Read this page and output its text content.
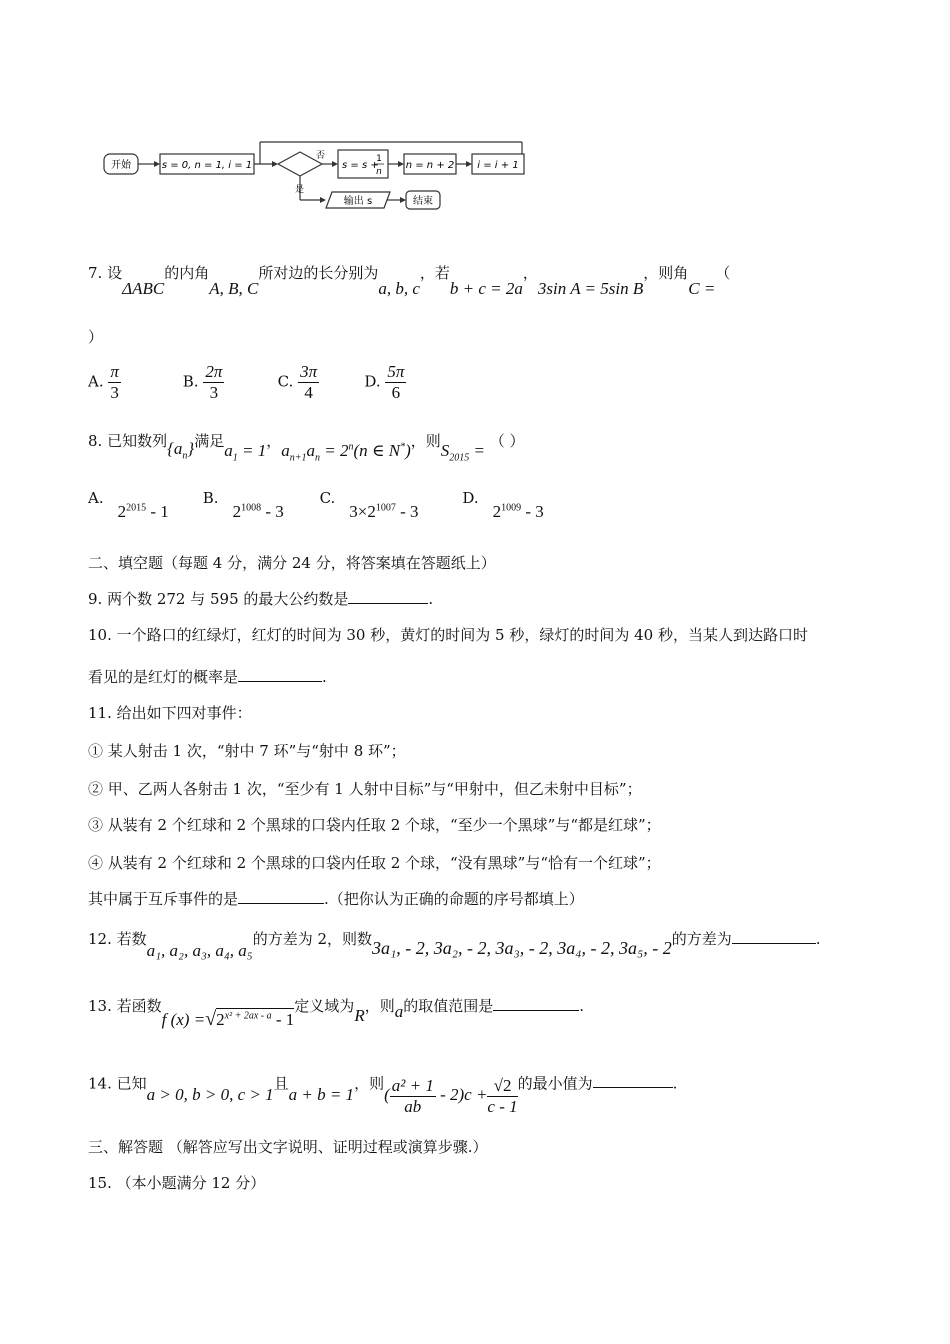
开始	s = 0, n = 1, i = 1
否
s = s +
1
n
n = n + 2 i = i + 1
是
输出 s	结束
7. 设ΔABC的内角A, B, C所对边的长分别为a, b, c，若b + c = 2a，3sin A = 5sin B，则角C =（
）
A. $\frac{\pi}{3}$	B. $\frac{2\pi}{3}$	C. $\frac{3\pi}{4}$	D. $\frac{5\pi}{6}$
8. 已知数列$\{a_n\}$满足$a_1 = 1$，$a_{n+1}a_n = 2^n(n$ ∈ N*)，则$S_{2015}$ = （ ）
$A.2^{2015} - 1$ $B.2^{1008} - 3$ $C.3\times 2^{1007} - 3$ $D.2^{1009} - 3$
二、填空题（每题 4 分，满分 24 分，将答案填在答题纸上）
9. 两个数 272 与 595 的最大公约数是	.
10. 一个路口的红绿灯，红灯的时间为 30 秒，黄灯的时间为 5 秒，绿灯的时间为 40 秒，当某人到达路口时
看见的是红灯的概率是	.
11. 给出如下四对事件：
① 某人射击 1 次，“射中 7 环”与“射中 8 环”；
② 甲、乙两人各射击 1 次，“至少有 1 人射中目标”与“甲射中，但乙未射中目标”；
③ 从装有 2 个红球和 2 个黑球的口袋内任取 2 个球，“至少一个黑球”与“都是红球”；
④ 从装有 2 个红球和 2 个黑球的口袋内任取 2 个球，“没有黑球”与“恰有一个红球”；
其中属于互斥事件的是	.（把你认为正确的命题的序号都填上）
12. 若数a₁, a₂, a₃, a₄, a₅的方差为 2，则数3a₁, - 2, 3a₂, - 2, 3a₃, - 2, 3a₄, - 2, 3a₅, - 2的方差为	.
13. 若函数f $(x) =√2^{x^2 + 2ax - a} - 1$定义域为R，则a的取值范围是	.
14. 已知a > 0, b > 0, c > 1且a + b = 1，则( $\frac{\text{a² + 1}}{ab} - 2)c + \frac{√2}{c - 1}$ 的最小值为	.
三、解答题 （解答应写出文字说明、证明过程或演算步骤.）
15. （本小题满分 12 分）
